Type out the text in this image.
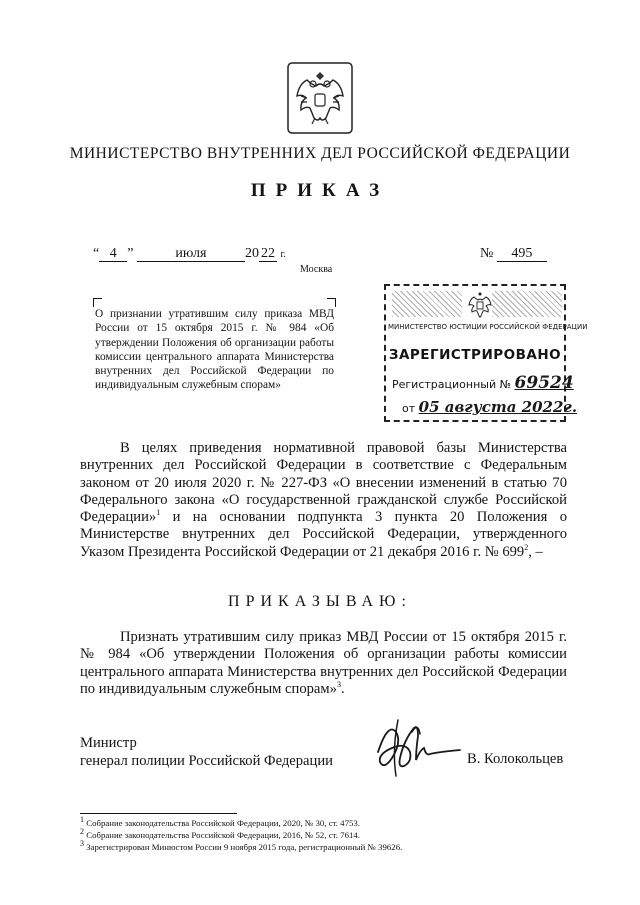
МИНИСТЕРСТВО ВНУТРЕННИХ ДЕЛ РОССИЙСКОЙ ФЕДЕРАЦИИ
ПРИКАЗ
“ 4 ”	июля	20 22 г.	№ 495
Москва
О признании утратившим силу приказа МВД России от 15 октября 2015 г. № 984 «Об утверждении Положения об организации работы комиссии центрального аппарата Министерства внутренних дел Российской Федерации по индивидуальным служебным спорам»
МИНИСТЕРСТВО ЮСТИЦИИ РОССИЙСКОЙ ФЕДЕРАЦИИ
ЗАРЕГИСТРИРОВАНО
Регистрационный № 69524
от 05 августа 2022г.

В целях приведения нормативной правовой базы Министерства внутренних дел Российской Федерации в соответствие с Федеральным законом от 20 июля 2020 г. № 227-ФЗ «О внесении изменений в статью 70 Федерального закона «О государственной гражданской службе Российской Федерации»$^1$ и на основании подпункта 3 пункта 20 Положения о Министерстве внутренних дел Российской Федерации, утвержденного Указом Президента Российской Федерации от 21 декабря 2016 г. № $699^2$, –

ПРИКАЗЫВАЮ:

Признать утратившим силу приказ МВД России от 15 октября 2015 г. № 984 «Об утверждении Положения об организации работы комиссии центрального аппарата Министерства внутренних дел Российской Федерации по индивидуальным служебным спорам»$^3$.

Министр
генерал полиции Российской Федерации	В. Колокольцев
$^1$ Собрание законодательства Российской Федерации, 2020, № 30, ст. 4753.
$^2$ Собрание законодательства Российской Федерации, 2016, № 52, ст. 7614.
$^3$ Зарегистрирован Минюстом России 9 ноября 2015 года, регистрационный № 39626.
